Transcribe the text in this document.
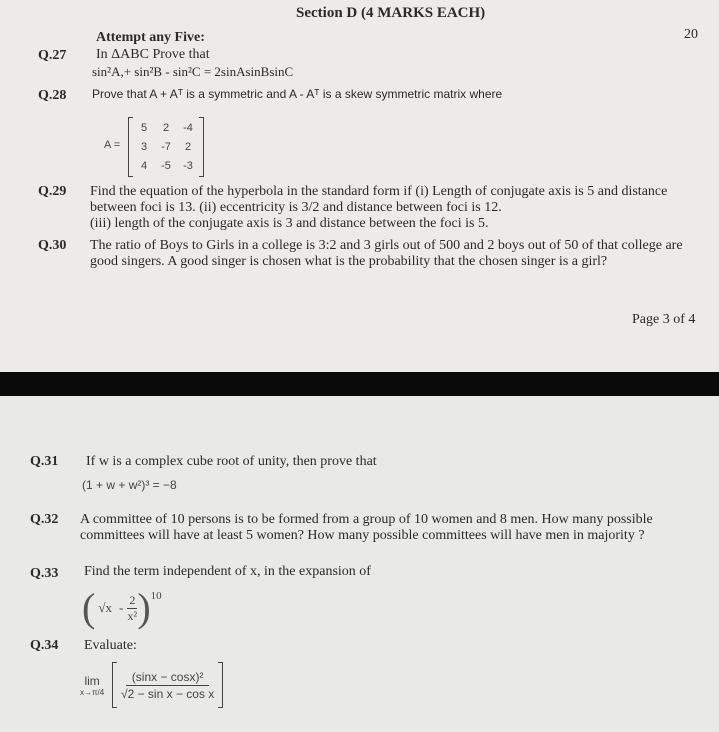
Section D (4 MARKS EACH)
20
Attempt any Five:
Q.27 In ΔABC Prove that
sin²A,+ sin²B - sin²C = 2sinAsinBsinC
Q.28 Prove that A + Aᵀ is a symmetric and A - Aᵀ is a skew symmetric matrix where
A =
5	2	-4
3	-7	2
4	-5	-3
Q.29 Find the equation of the hyperbola in the standard form if (i) Length of conjugate axis is 5 and distance between foci is 13. (ii) eccentricity is 3/2 and distance between foci is 12.
(iii) length of the conjugate axis is 3 and distance between the foci is 5.
Q.30 The ratio of Boys to Girls in a college is 3:2 and 3 girls out of 500 and 2 boys out of 50 of that college are good singers. A good singer is chosen what is the probability that the chosen singer is a girl?
Page 3 of 4
Q.31 If w is a complex cube root of unity, then prove that
(1 + w + w²)³ = −8
Q.32 A committee of 10 persons is to be formed from a group of 10 women and 8 men. How many possible committees will have at least 5 women? How many possible committees will have men in majority ?
Q.33 Find the term independent of x, in the expansion of
( $√x - \frac{2}{\text{x²}}$ ) 10
Q.34 Evaluate:
lim
$x\to\pi/4 \frac{\text{(sinx − cosx)²}}{\text{√2 − sin x − cos x}}$
